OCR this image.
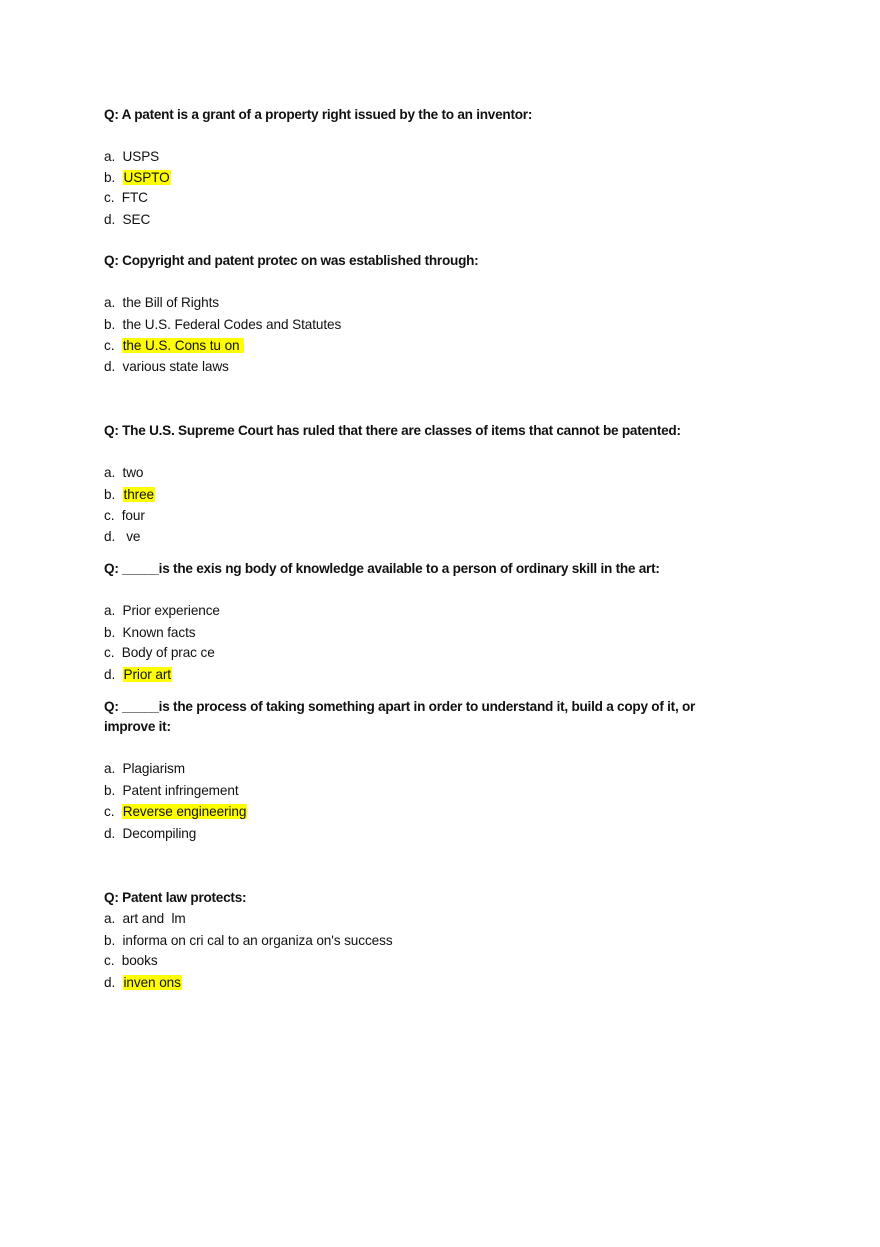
Q: A patent is a grant of a property right issued by the to an inventor:
a.  USPS
b.  USPTO
c.  FTC
d.  SEC
Q: Copyright and patent protec on was established through:
a.  the Bill of Rights
b.  the U.S. Federal Codes and Statutes
c.  the U.S. Cons tu on
d.  various state laws
Q: The U.S. Supreme Court has ruled that there are classes of items that cannot be patented:
a.  two
b.  three
c.  four
d.   ve
Q: _____is the exis ng body of knowledge available to a person of ordinary skill in the art:
a.  Prior experience
b.  Known facts
c.  Body of prac ce
d.  Prior art
Q: _____is the process of taking something apart in order to understand it, build a copy of it, or
improve it:
a.  Plagiarism
b.  Patent infringement
c.  Reverse engineering
d.  Decompiling
Q: Patent law protects:
a.  art and  lm
b.  informa on cri cal to an organiza on's success
c.  books
d.  inven ons
